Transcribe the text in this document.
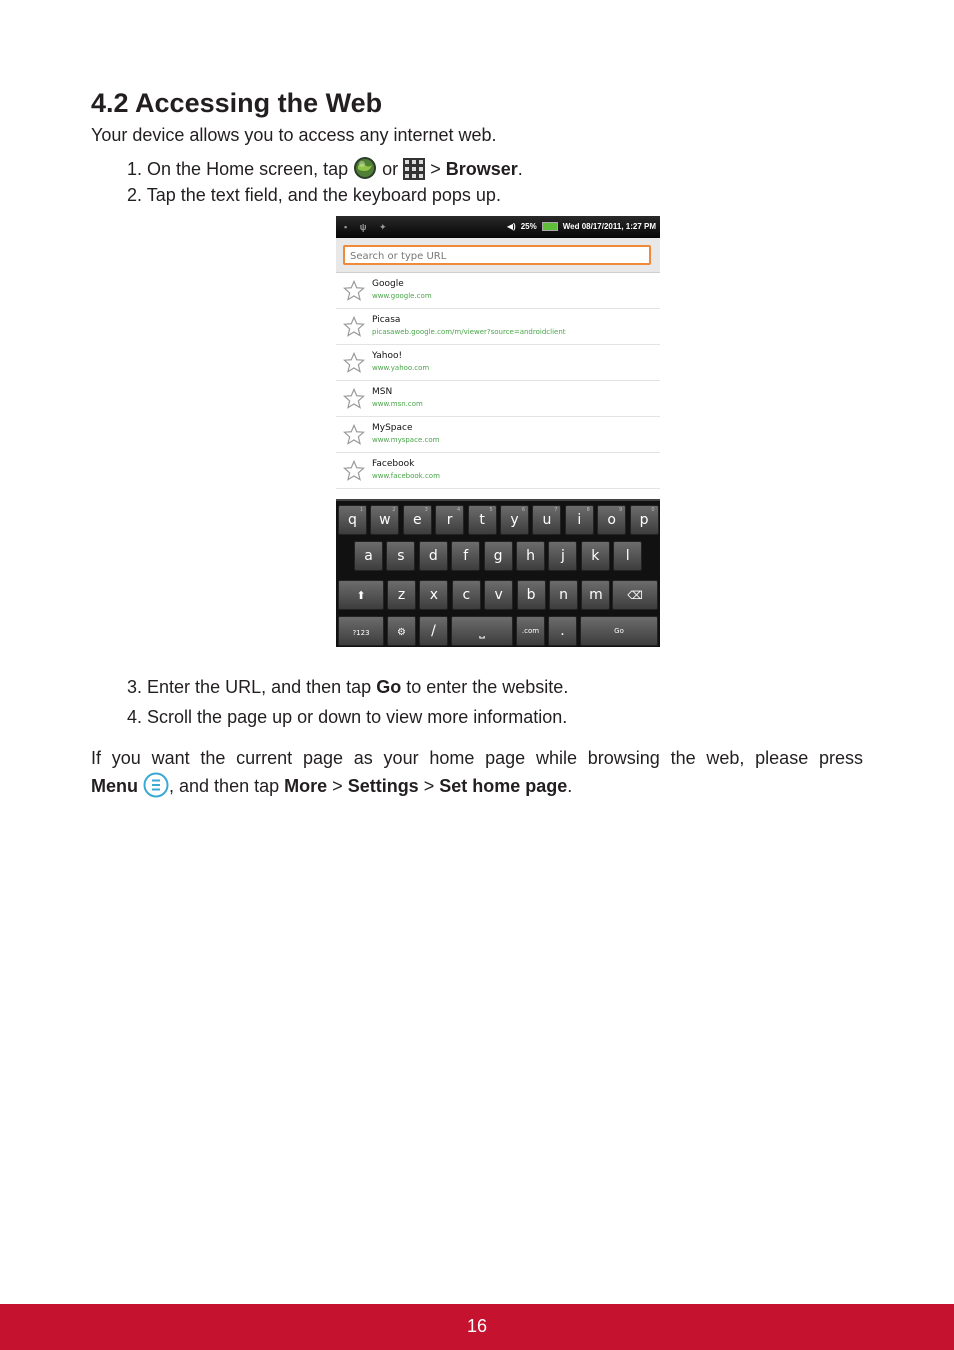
4.2 Accessing the Web

Your device allows you to access any internet web.

1. On the Home screen, tap or > Browser.
2. Tap the text field, and the keyboard pops up.
▪ ψ ✦	◀) 25%	Wed 08/17/2011, 1:27 PM
Search or type URL
Google
www.google.com
Picasa
picasaweb.google.com/m/viewer?source=androidclient
Yahoo!
www.yahoo.com
MSN
www.msn.com
MySpace
www.myspace.com
Facebook
www.facebook.com
?123	⚙	/	⎵	.com	.	Go
⬆	⌫
q
1
w
2
e
3
r
4
t
5
y
6
u
7
i
8
o
9
p
0
a	s	d	f	g	h	j	k	l
z	x	c	v	b	n	m
3. Enter the URL, and then tap Go to enter the website.
4. Scroll the page up or down to view more information.
If you want the current page as your home page while browsing the web, please press
Menu , and then tap More > Settings > Set home page.
16
